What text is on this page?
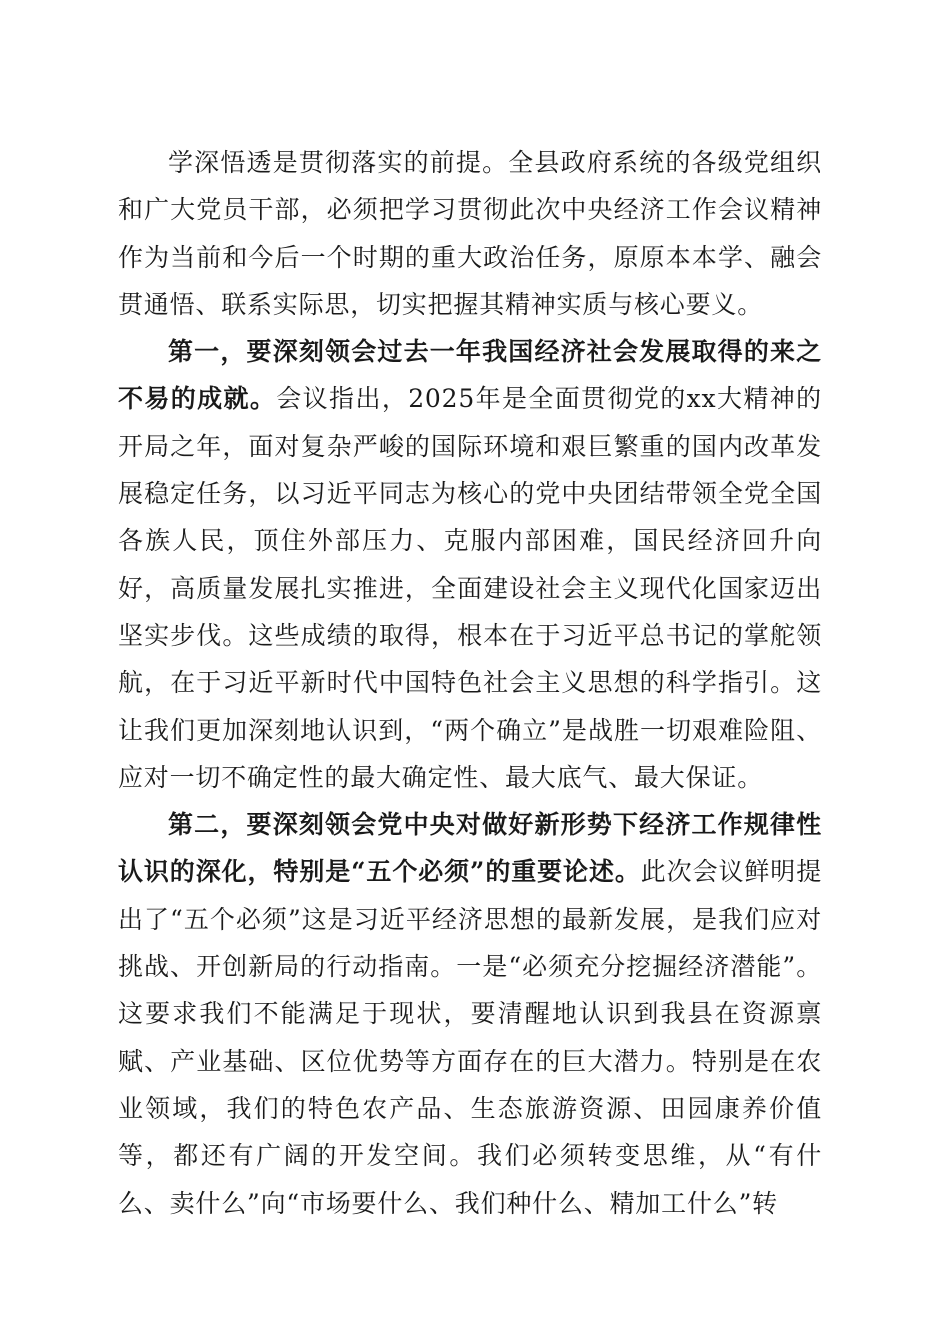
学深悟透是贯彻落实的前提。全县政府系统的各级党组织和广大党员干部，必须把学习贯彻此次中央经济工作会议精神作为当前和今后一个时期的重大政治任务，原原本本学、融会贯通悟、联系实际思，切实把握其精神实质与核心要义。

第一，要深刻领会过去一年我国经济社会发展取得的来之不易的成就。会议指出，2025年是全面贯彻党的xx大精神的开局之年，面对复杂严峻的国际环境和艰巨繁重的国内改革发展稳定任务，以习近平同志为核心的党中央团结带领全党全国各族人民，顶住外部压力、克服内部困难，国民经济回升向好，高质量发展扎实推进，全面建设社会主义现代化国家迈出坚实步伐。这些成绩的取得，根本在于习近平总书记的掌舵领航，在于习近平新时代中国特色社会主义思想的科学指引。这让我们更加深刻地认识到，“两个确立”是战胜一切艰难险阻、应对一切不确定性的最大确定性、最大底气、最大保证。

第二，要深刻领会党中央对做好新形势下经济工作规律性认识的深化，特别是“五个必须”的重要论述。此次会议鲜明提出了“五个必须”这是习近平经济思想的最新发展，是我们应对挑战、开创新局的行动指南。一是“必须充分挖掘经济潜能”。这要求我们不能满足于现状，要清醒地认识到我县在资源禀赋、产业基础、区位优势等方面存在的巨大潜力。特别是在农业领域，我们的特色农产品、生态旅游资源、田园康养价值等，都还有广阔的开发空间。我们必须转变思维，从“有什么、卖什么”向“市场要什么、我们种什么、精加工什么”转
